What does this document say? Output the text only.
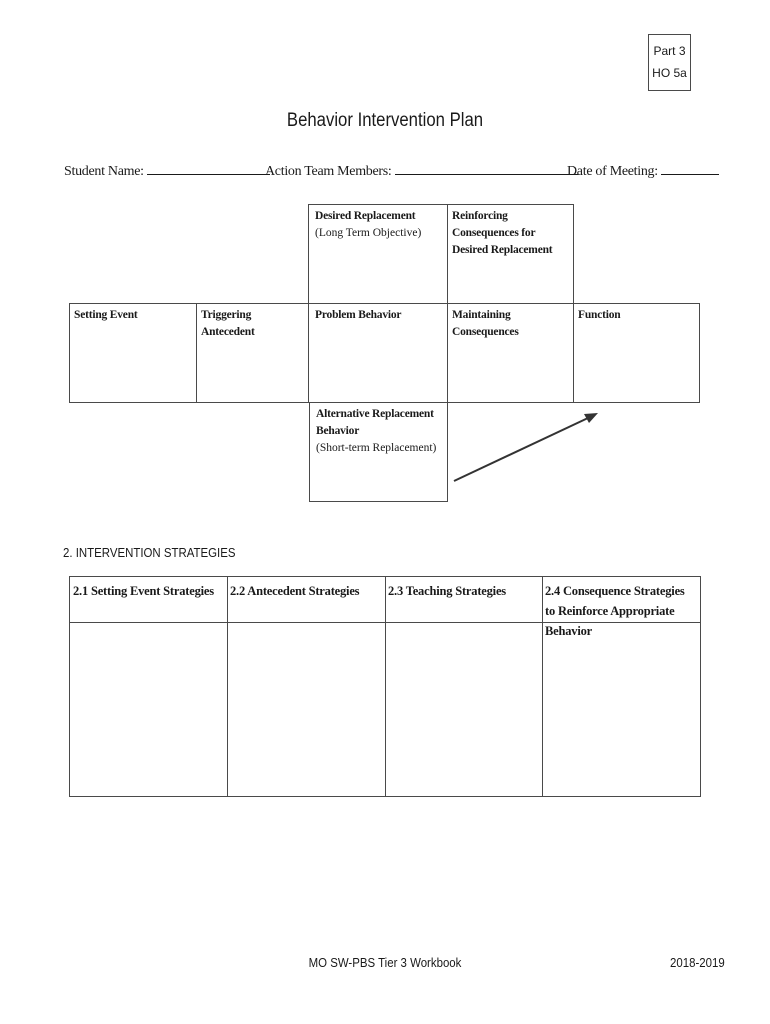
Part 3
HO 5a
Behavior Intervention Plan
Student Name:	Action Team Members:	Date of Meeting:
Desired Replacement
(Long Term Objective)
Reinforcing Consequences for Desired Replacement
Setting Event	Triggering Antecedent
Problem Behavior	Maintaining Consequences
Function
Alternative Replacement Behavior
(Short-term Replacement)
2. INTERVENTION STRATEGIES
2.1 Setting Event Strategies	2.2 Antecedent Strategies	2.3 Teaching Strategies	2.4 Consequence Strategies to Reinforce Appropriate Behavior
MO SW-PBS Tier 3 Workbook	2018-2019
